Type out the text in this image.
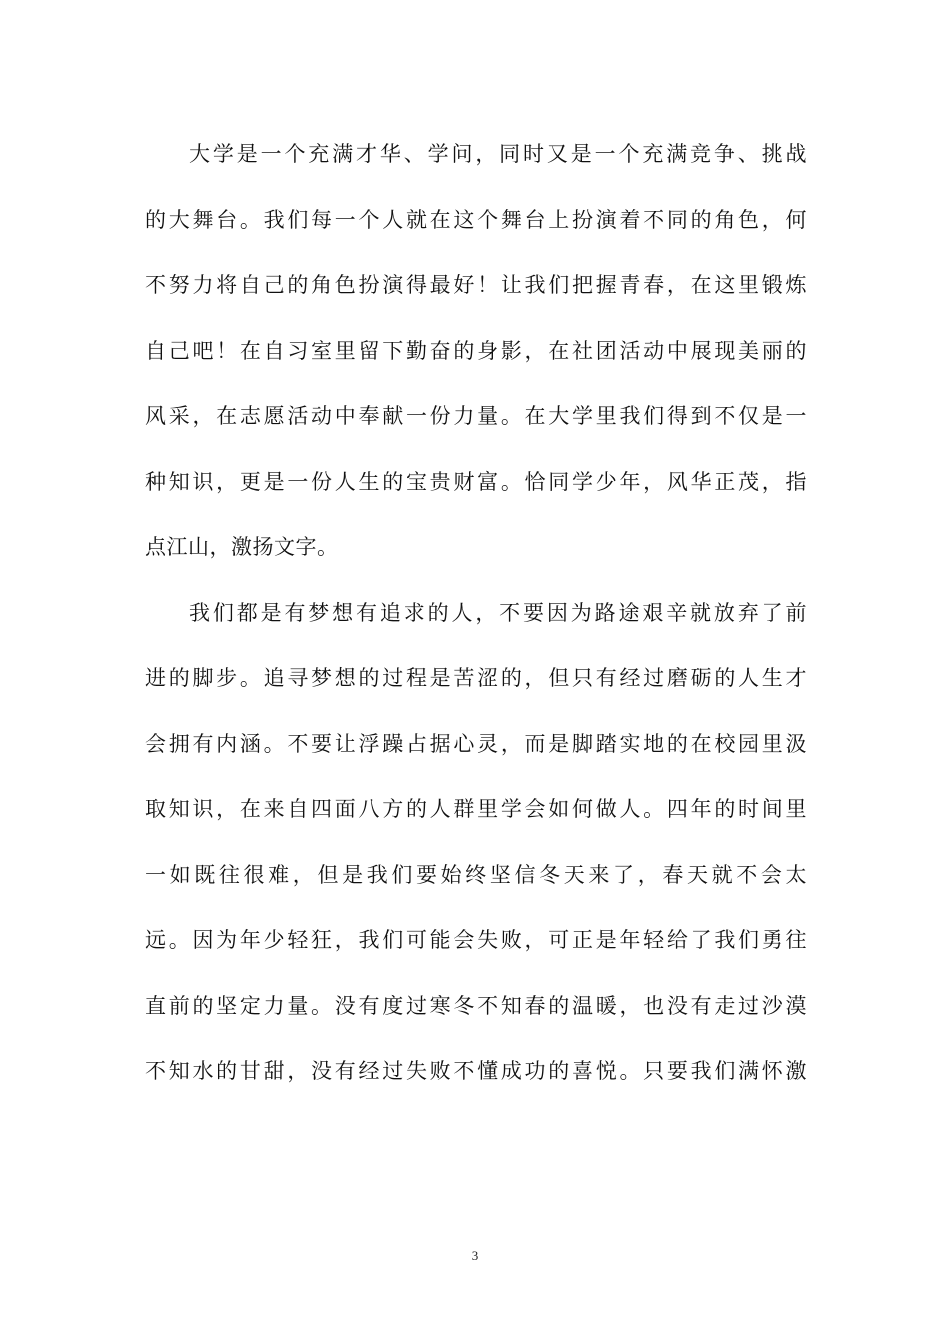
大学是一个充满才华、学问，同时又是一个充满竞争、挑战
的大舞台。我们每一个人就在这个舞台上扮演着不同的角色，何
不努力将自己的角色扮演得最好！让我们把握青春，在这里锻炼
自己吧！在自习室里留下勤奋的身影，在社团活动中展现美丽的
风采，在志愿活动中奉献一份力量。在大学里我们得到不仅是一
种知识，更是一份人生的宝贵财富。恰同学少年，风华正茂，指
点江山，激扬文字。
我们都是有梦想有追求的人，不要因为路途艰辛就放弃了前
进的脚步。追寻梦想的过程是苦涩的，但只有经过磨砺的人生才
会拥有内涵。不要让浮躁占据心灵，而是脚踏实地的在校园里汲
取知识，在来自四面八方的人群里学会如何做人。四年的时间里
一如既往很难，但是我们要始终坚信冬天来了，春天就不会太
远。因为年少轻狂，我们可能会失败，可正是年轻给了我们勇往
直前的坚定力量。没有度过寒冬不知春的温暖，也没有走过沙漠
不知水的甘甜，没有经过失败不懂成功的喜悦。只要我们满怀激
3
